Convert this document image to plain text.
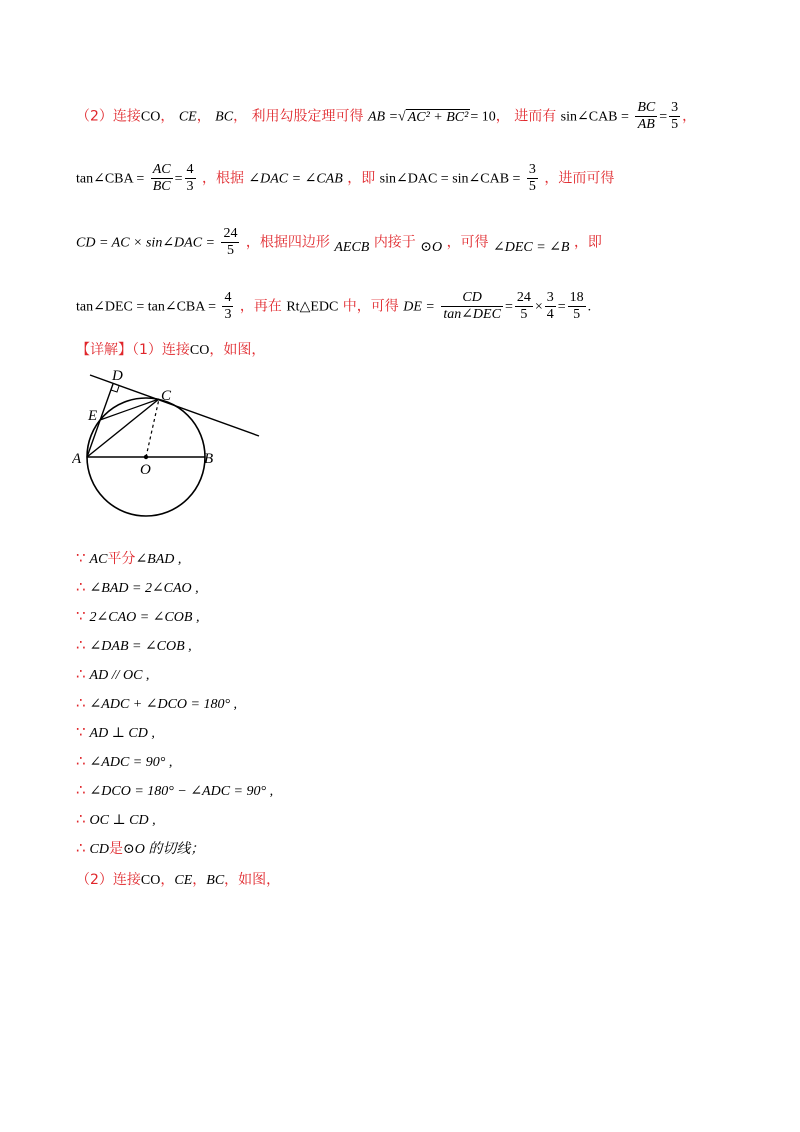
（2）连接CO， CE， BC， 利用勾股定理可得 AB =√ AC² + BC² = 10， 进而有 sin∠CAB = $\frac{BC}{AB} = \frac{3}{5}$ ，
tan∠CBA = $\frac{AC}{BC} = \frac{4}{3}$ ，根据 ∠DAC = ∠CAB ，即 sin∠DAC = sin∠CAB = $\frac{3}{5}$ ，进而可得
CD = AC × sin∠DAC = $\frac{24}{5}$ ，根据四边形 AECB 内接于 ⊙O ，可得 ∠DEC = ∠B ，即
tan∠DEC = tan∠CBA = $\frac{4}{3}$ ，再在 Rt△EDC 中，可得 DE = $\frac{CD}{\text{tan∠DEC}} = \frac{24}{5} \times \frac{3}{4} = \frac{18}{5}$ .
【详解】（1）连接CO，如图，
D
C
E
A
O
B
∵ AC平分∠BAD ,
∴ ∠BAD = 2∠CAO ,
∵ 2∠CAO = ∠COB ,
∴ ∠DAB = ∠COB ,
∴ AD // OC ,
∴ ∠ADC + ∠DCO = 180° ,
∵ AD ⊥ CD ,
∴ ∠ADC = 90° ,
∴ ∠DCO = 180° − ∠ADC = 90° ,
∴ OC ⊥ CD ,
∴ CD是⊙O 的切线；
（2）连接CO，CE，BC，如图，
